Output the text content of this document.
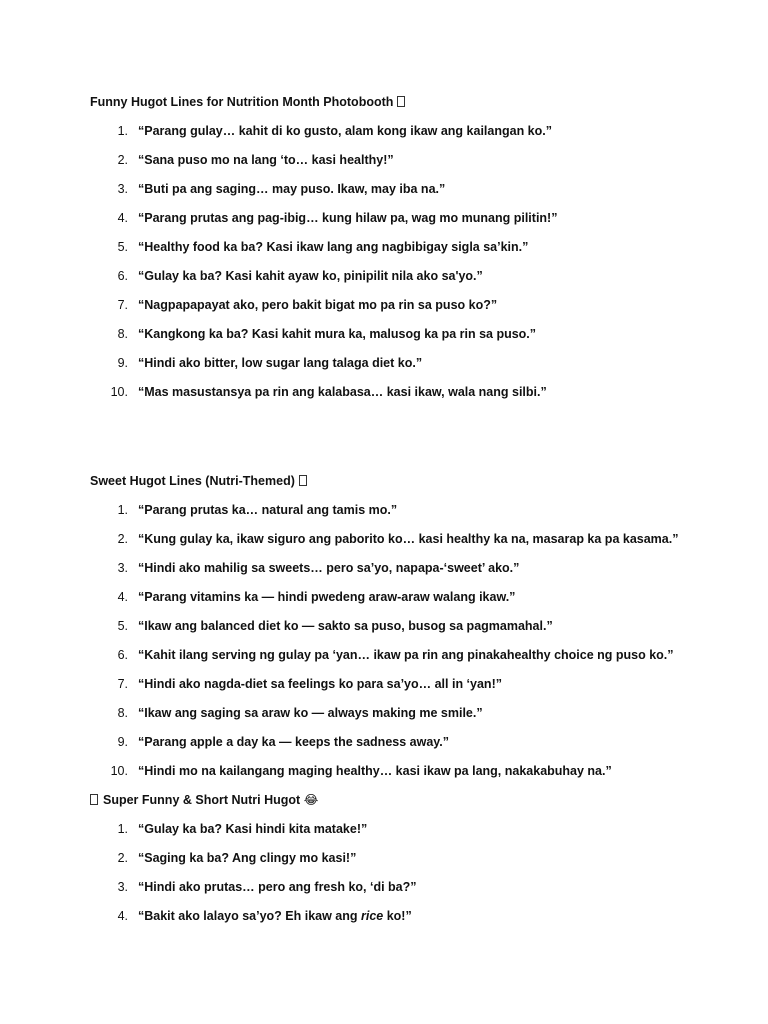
Funny Hugot Lines for Nutrition Month Photobooth
1 . “Parang gulay… kahit di ko gusto, alam kong ikaw ang kailangan ko.”
2 . “Sana puso mo na lang ‘to… kasi healthy!”
3 . “Buti pa ang saging… may puso. Ikaw, may iba na.”
4 . “Parang prutas ang pag-ibig… kung hilaw pa, wag mo munang pilitin!”
5 . “Healthy food ka ba? Kasi ikaw lang ang nagbibigay sigla sa’kin.”
6 . “Gulay ka ba? Kasi kahit ayaw ko, pinipilit nila ako sa'yo.”
7 . “Nagpapapayat ako, pero bakit bigat mo pa rin sa puso ko?”
8 . “Kangkong ka ba? Kasi kahit mura ka, malusog ka pa rin sa puso.”
9 . “Hindi ako bitter, low sugar lang talaga diet ko.”
10 . “Mas masustansya pa rin ang kalabasa… kasi ikaw, wala nang silbi.”
Sweet Hugot Lines (Nutri-Themed)
1 . “Parang prutas ka… natural ang tamis mo.”
2 . “Kung gulay ka, ikaw siguro ang paborito ko… kasi healthy ka na, masarap ka pa kasama.”
3 . “Hindi ako mahilig sa sweets… pero sa’yo, napapa-‘sweet’ ako.”
4 . “Parang vitamins ka — hindi pwedeng araw-araw walang ikaw.”
5 . “Ikaw ang balanced diet ko — sakto sa puso, busog sa pagmamahal.”
6 . “Kahit ilang serving ng gulay pa ‘yan… ikaw pa rin ang pinakahealthy choice ng puso ko.”
7 . “Hindi ako nagda-diet sa feelings ko para sa’yo… all in ‘yan!”
8 . “Ikaw ang saging sa araw ko — always making me smile.”
9 . “Parang apple a day ka — keeps the sadness away.”
10 . “Hindi mo na kailangang maging healthy… kasi ikaw pa lang, nakakabuhay na.”
Super Funny & Short Nutri Hugot 😂
1 . “Gulay ka ba? Kasi hindi kita matake!”
2 . “Saging ka ba? Ang clingy mo kasi!”
3 . “Hindi ako prutas… pero ang fresh ko, ‘di ba?”
4 . “Bakit ako lalayo sa’yo? Eh ikaw ang rice ko!”
